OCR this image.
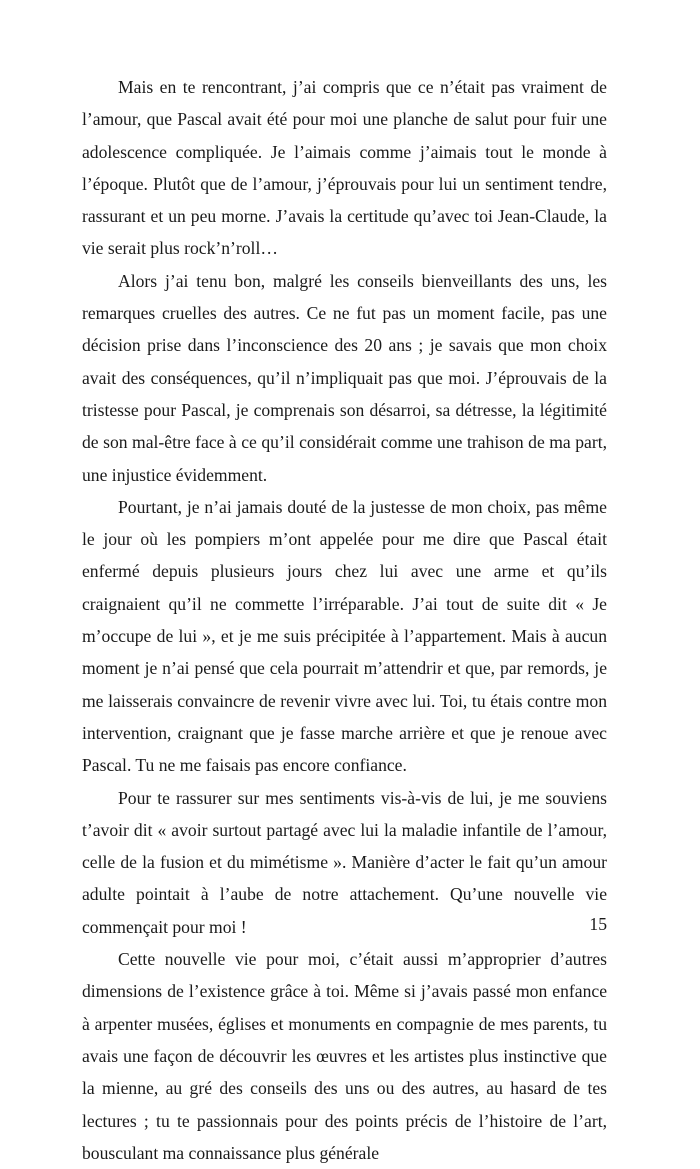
Mais en te rencontrant, j’ai compris que ce n’était pas vraiment de l’amour, que Pascal avait été pour moi une planche de salut pour fuir une adolescence compliquée. Je l’aimais comme j’aimais tout le monde à l’époque. Plutôt que de l’amour, j’éprouvais pour lui un sentiment tendre, rassurant et un peu morne. J’avais la certitude qu’avec toi Jean-Claude, la vie serait plus rock’n’roll…

Alors j’ai tenu bon, malgré les conseils bienveillants des uns, les remarques cruelles des autres. Ce ne fut pas un moment facile, pas une décision prise dans l’inconscience des 20 ans ; je savais que mon choix avait des conséquences, qu’il n’impliquait pas que moi. J’éprouvais de la tristesse pour Pascal, je comprenais son désarroi, sa détresse, la légitimité de son mal-être face à ce qu’il considérait comme une trahison de ma part, une injustice évidemment.

Pourtant, je n’ai jamais douté de la justesse de mon choix, pas même le jour où les pompiers m’ont appelée pour me dire que Pascal était enfermé depuis plusieurs jours chez lui avec une arme et qu’ils craignaient qu’il ne commette l’irréparable. J’ai tout de suite dit « Je m’occupe de lui », et je me suis précipitée à l’appartement. Mais à aucun moment je n’ai pensé que cela pourrait m’attendrir et que, par remords, je me laisserais convaincre de revenir vivre avec lui. Toi, tu étais contre mon intervention, craignant que je fasse marche arrière et que je renoue avec Pascal. Tu ne me faisais pas encore confiance.

Pour te rassurer sur mes sentiments vis-à-vis de lui, je me souviens t’avoir dit « avoir surtout partagé avec lui la maladie infantile de l’amour, celle de la fusion et du mimétisme ». Manière d’acter le fait qu’un amour adulte pointait à l’aube de notre attachement. Qu’une nouvelle vie commençait pour moi !

Cette nouvelle vie pour moi, c’était aussi m’approprier d’autres dimensions de l’existence grâce à toi. Même si j’avais passé mon enfance à arpenter musées, églises et monuments en compagnie de mes parents, tu avais une façon de découvrir les œuvres et les artistes plus instinctive que la mienne, au gré des conseils des uns ou des autres, au hasard de tes lectures ; tu te passionnais pour des points précis de l’histoire de l’art, bousculant ma connaissance plus générale

15
